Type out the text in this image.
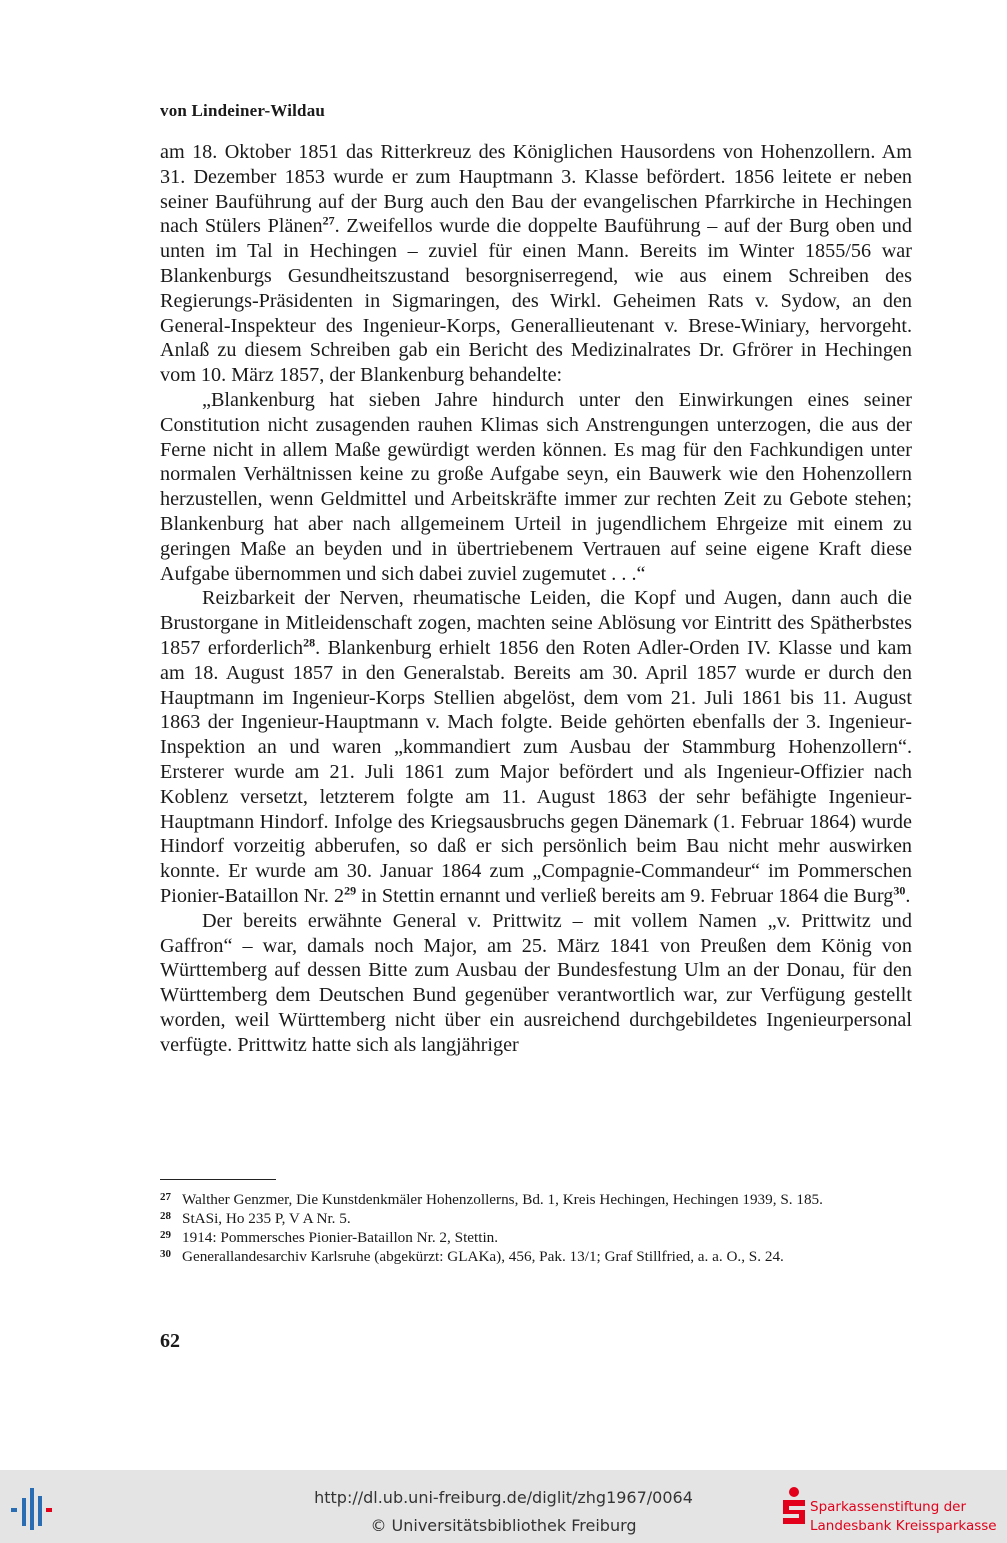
von Lindeiner-Wildau

am 18. Oktober 1851 das Ritterkreuz des Königlichen Hausordens von Hohenzollern. Am 31. Dezember 1853 wurde er zum Hauptmann 3. Klasse befördert. 1856 leitete er neben seiner Bauführung auf der Burg auch den Bau der evangelischen Pfarrkirche in Hechingen nach Stülers Plänen$^{27}$. Zweifellos wurde die doppelte Bauführung – auf der Burg oben und unten im Tal in Hechingen – zuviel für einen Mann. Bereits im Winter 1855/56 war Blankenburgs Gesundheitszustand besorgniserregend, wie aus einem Schreiben des Regierungs-Präsidenten in Sigmaringen, des Wirkl. Geheimen Rats v. Sydow, an den General-Inspekteur des Ingenieur-Korps, Generallieutenant v. Brese-Winiary, hervorgeht. Anlaß zu diesem Schreiben gab ein Bericht des Medizinalrates Dr. Gfrörer in Hechingen vom 10. März 1857, der Blankenburg behandelte:

„Blankenburg hat sieben Jahre hindurch unter den Einwirkungen eines seiner Constitution nicht zusagenden rauhen Klimas sich Anstrengungen unterzogen, die aus der Ferne nicht in allem Maße gewürdigt werden können. Es mag für den Fachkundigen unter normalen Verhältnissen keine zu große Aufgabe seyn, ein Bauwerk wie den Hohenzollern herzustellen, wenn Geldmittel und Arbeitskräfte immer zur rechten Zeit zu Gebote stehen; Blankenburg hat aber nach allgemeinem Urteil in jugendlichem Ehrgeize mit einem zu geringen Maße an beyden und in übertriebenem Vertrauen auf seine eigene Kraft diese Aufgabe übernommen und sich dabei zuviel zugemutet . . .“

Reizbarkeit der Nerven, rheumatische Leiden, die Kopf und Augen, dann auch die Brustorgane in Mitleidenschaft zogen, machten seine Ablösung vor Eintritt des Spätherbstes 1857 erforderlich$^{28}$. Blankenburg erhielt 1856 den Roten Adler-Orden IV. Klasse und kam am 18. August 1857 in den Generalstab. Bereits am 30. April 1857 wurde er durch den Hauptmann im Ingenieur-Korps Stellien abgelöst, dem vom 21. Juli 1861 bis 11. August 1863 der Ingenieur-Hauptmann v. Mach folgte. Beide gehörten ebenfalls der 3. Ingenieur-Inspektion an und waren „kommandiert zum Ausbau der Stammburg Hohenzollern“. Ersterer wurde am 21. Juli 1861 zum Major befördert und als Ingenieur-Offizier nach Koblenz versetzt, letzterem folgte am 11. August 1863 der sehr befähigte Ingenieur-Hauptmann Hindorf. Infolge des Kriegsausbruchs gegen Dänemark (1. Februar 1864) wurde Hindorf vorzeitig abberufen, so daß er sich persönlich beim Bau nicht mehr auswirken konnte. Er wurde am 30. Januar 1864 zum „Compagnie-Commandeur“ im Pommerschen Pionier-Bataillon Nr. 2$^{29}$ in Stettin ernannt und verließ bereits am 9. Februar 1864 die Burg$^{30}$.

Der bereits erwähnte General v. Prittwitz – mit vollem Namen „v. Prittwitz und Gaffron“ – war, damals noch Major, am 25. März 1841 von Preußen dem König von Württemberg auf dessen Bitte zum Ausbau der Bundesfestung Ulm an der Donau, für den Württemberg dem Deutschen Bund gegenüber verantwortlich war, zur Verfügung gestellt worden, weil Württemberg nicht über ein ausreichend durchgebildetes Ingenieurpersonal verfügte. Prittwitz hatte sich als langjähriger

27 Walther Genzmer, Die Kunstdenkmäler Hohenzollerns, Bd. 1, Kreis Hechingen, Hechingen 1939, S. 185.
28 StASi, Ho 235 P, V A Nr. 5.
29 1914: Pommersches Pionier-Bataillon Nr. 2, Stettin.
30 Generallandesarchiv Karlsruhe (abgekürzt: GLAKa), 456, Pak. 13/1; Graf Stillfried, a. a. O., S. 24.
62
http://dl.ub.uni-freiburg.de/diglit/zhg1967/0064
© Universitätsbibliothek Freiburg
Sparkassenstiftung der
Landesbank Kreissparkasse
